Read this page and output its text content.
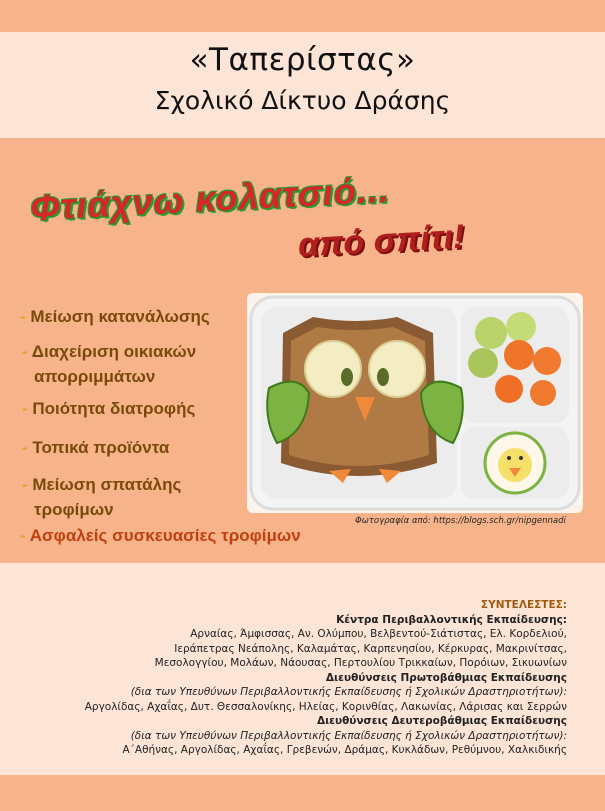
«Ταπερίστας»
Σχολικό Δίκτυο Δράσης
Φτιάχνω κολατσιό...
από σπίτι!
- Μείωση κατανάλωσης
- Διαχείριση οικιακών
απορριμμάτων
- Ποιότητα διατροφής
- Τοπικά προϊόντα
- Μείωση σπατάλης
τροφίμων
- Ασφαλείς συσκευασίες τροφίμων
Φωτογραφία από: https://blogs.sch.gr/nipgennadi
ΣΥΝΤΕΛΕΣΤΕΣ:
Κέντρα Περιβαλλοντικής Εκπαίδευσης:
Αρναίας, Άμφισσας, Αν. Ολύμπου, Βελβεντού-Σιάτιστας, Ελ. Κορδελιού,
Ιεράπετρας Νεάπολης, Καλαμάτας, Καρπενησίου, Κέρκυρας, Μακρινίτσας,
Μεσολογγίου, Μολάων, Νάουσας, Περτουλίου Τρικκαίων, Πορόιων, Σικυωνίων
Διευθύνσεις Πρωτοβάθμιας Εκπαίδευσης
(δια των Υπευθύνων Περιβαλλοντικής Εκπαίδευσης ή Σχολικών Δραστηριοτήτων):
Αργολίδας, Αχαΐας, Δυτ. Θεσσαλονίκης, Ηλείας, Κορινθίας, Λακωνίας, Λάρισας και Σερρών
Διευθύνσεις Δευτεροβάθμιας Εκπαίδευσης
(δια των Υπευθύνων Περιβαλλοντικής Εκπαίδευσης ή Σχολικών Δραστηριοτήτων):
Α΄Αθήνας, Αργολίδας, Αχαΐας, Γρεβενών, Δράμας, Κυκλάδων, Ρεθύμνου, Χαλκιδικής
